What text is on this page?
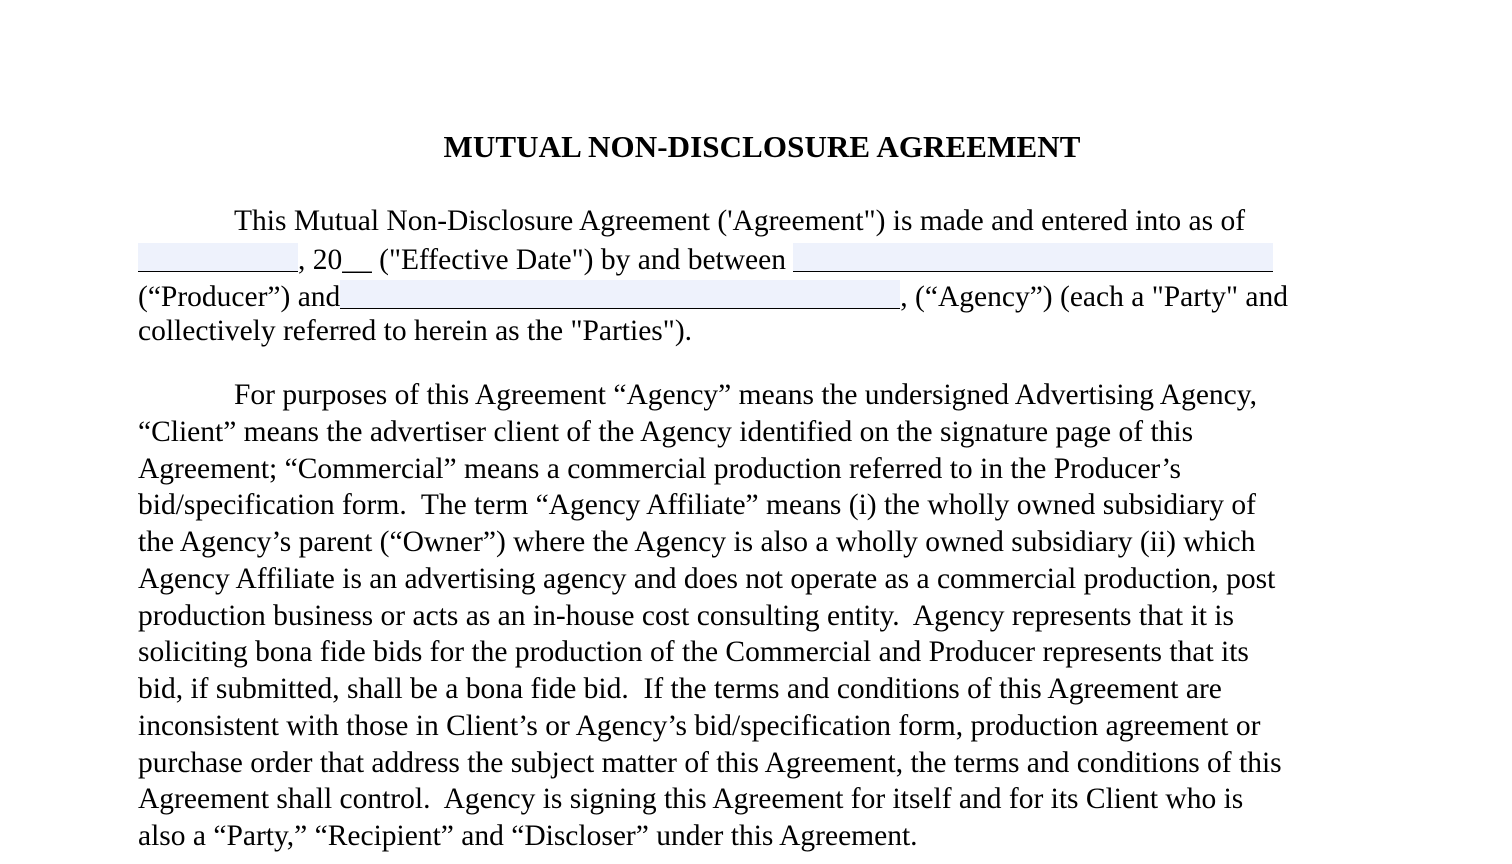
MUTUAL NON-DISCLOSURE AGREEMENT
This Mutual Non-Disclosure Agreement ('Agreement") is made and entered into as of
, 20__ ("Effective Date") by and between
(“Producer”) and	, (“Agency”) (each a "Party" and
collectively referred to herein as the "Parties").
For purposes of this Agreement “Agency” means the undersigned Advertising Agency,
“Client” means the advertiser client of the Agency identified on the signature page of this
Agreement; “Commercial” means a commercial production referred to in the Producer’s
bid/specification form.  The term “Agency Affiliate” means (i) the wholly owned subsidiary of
the Agency’s parent (“Owner”) where the Agency is also a wholly owned subsidiary (ii) which
Agency Affiliate is an advertising agency and does not operate as a commercial production, post
production business or acts as an in-house cost consulting entity.  Agency represents that it is
soliciting bona fide bids for the production of the Commercial and Producer represents that its
bid, if submitted, shall be a bona fide bid.  If the terms and conditions of this Agreement are
inconsistent with those in Client’s or Agency’s bid/specification form, production agreement or
purchase order that address the subject matter of this Agreement, the terms and conditions of this
Agreement shall control.  Agency is signing this Agreement for itself and for its Client who is
also a “Party,” “Recipient” and “Discloser” under this Agreement.
